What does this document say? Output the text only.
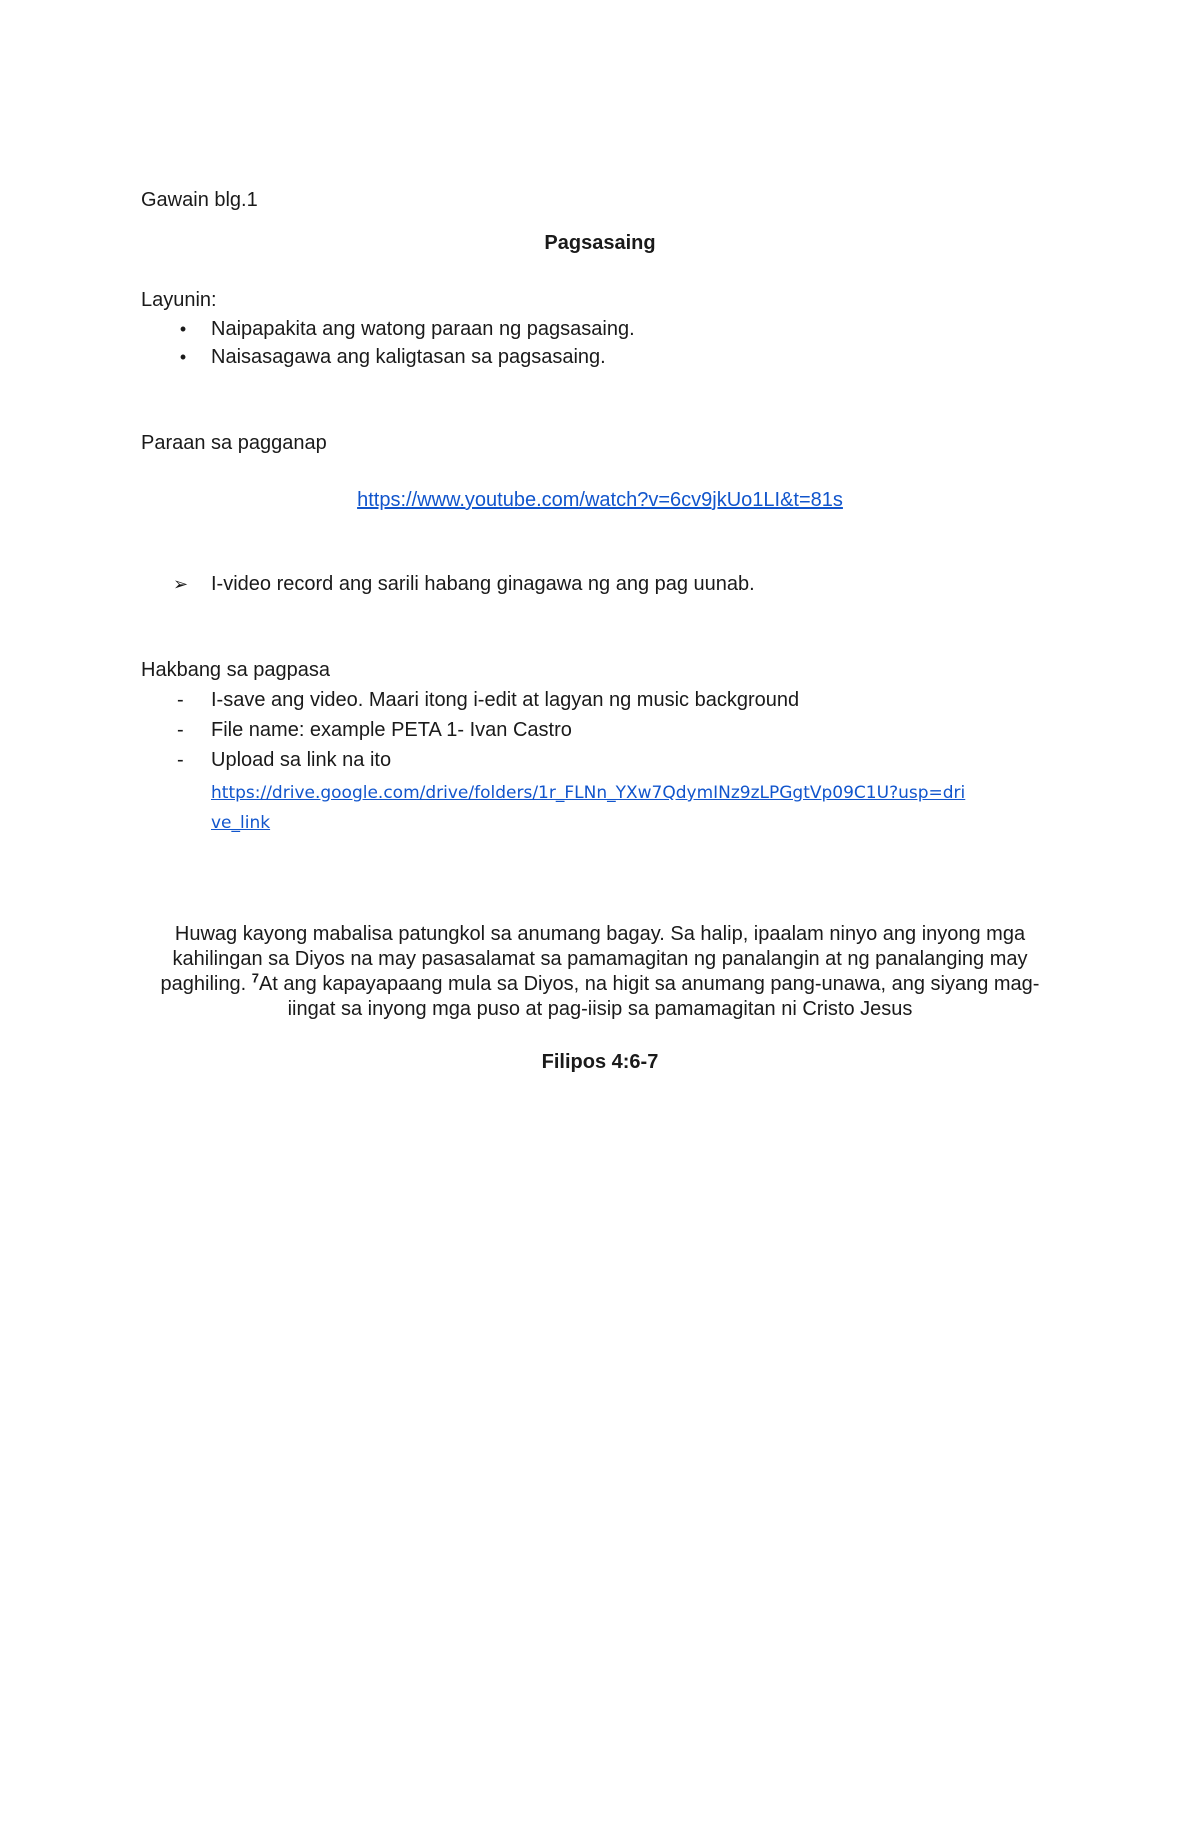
Gawain blg.1
Pagsasaing
Layunin:
•	Naipapakita ang watong paraan ng pagsasaing.
•	Naisasagawa ang kaligtasan sa pagsasaing.
Paraan sa pagganap
https://www.youtube.com/watch?v=6cv9jkUo1LI&t=81s
➢ I-video record ang sarili habang ginagawa ng ang pag uunab.
Hakbang sa pagpasa
- I-save ang video. Maari itong i-edit at lagyan ng music background
- File name: example PETA 1- Ivan Castro
- Upload sa link na ito
https://drive.google.com/drive/folders/1r_FLNn_YXw7QdymINz9zLPGgtVp09C1U?usp=drive_link
Huwag kayong mabalisa patungkol sa anumang bagay. Sa halip, ipaalam ninyo ang inyong mga kahilingan sa Diyos na may pasasalamat sa pamamagitan ng panalangin at ng panalanging may paghiling. $^7$At ang kapayapaang mula sa Diyos, na higit sa anumang pang-unawa, ang siyang mag-iingat sa inyong mga puso at pag-iisip sa pamamagitan ni Cristo Jesus
Filipos 4:6-7
